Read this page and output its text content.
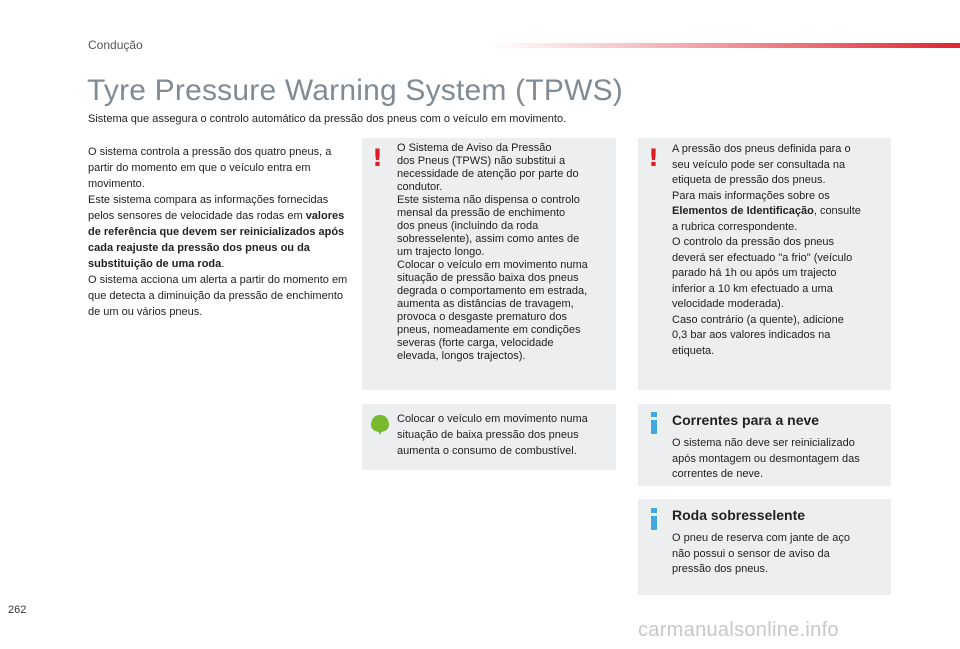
Condução
Tyre Pressure Warning System (TPWS)
Sistema que assegura o controlo automático da pressão dos pneus com o veículo em movimento.
O sistema controla a pressão dos quatro pneus, a partir do momento em que o veículo entra em movimento.
Este sistema compara as informações fornecidas pelos sensores de velocidade das rodas em valores de referência que devem ser reinicializados após cada reajuste da pressão dos pneus ou da substituição de uma roda.
O sistema acciona um alerta a partir do momento em que detecta a diminuição da pressão de enchimento de um ou vários pneus.
! O Sistema de Aviso da Pressão
dos Pneus (TPWS) não substitui a
necessidade de atenção por parte do
condutor.
Este sistema não dispensa o controlo
mensal da pressão de enchimento
dos pneus (incluindo da roda
sobresselente), assim como antes de
um trajecto longo.
Colocar o veículo em movimento numa
situação de pressão baixa dos pneus
degrada o comportamento em estrada,
aumenta as distâncias de travagem,
provoca o desgaste prematuro dos
pneus, nomeadamente em condições
severas (forte carga, velocidade
elevada, longos trajectos).

! A pressão dos pneus definida para o
seu veículo pode ser consultada na
etiqueta de pressão dos pneus.
Para mais informações sobre os
Elementos de Identificação, consulte
a rubrica correspondente.

O controlo da pressão dos pneus
deverá ser efectuado "a frio" (veículo
parado há 1h ou após um trajecto
inferior a 10 km efectuado a uma
velocidade moderada).
Caso contrário (a quente), adicione
0,3 bar aos valores indicados na
etiqueta.

Colocar o veículo em movimento numa
situação de baixa pressão dos pneus
aumenta o consumo de combustível.

Correntes para a neve

O sistema não deve ser reinicializado
após montagem ou desmontagem das
correntes de neve.

Roda sobresselente

O pneu de reserva com jante de aço
não possui o sensor de aviso da
pressão dos pneus.

262
carmanualsonline.info
